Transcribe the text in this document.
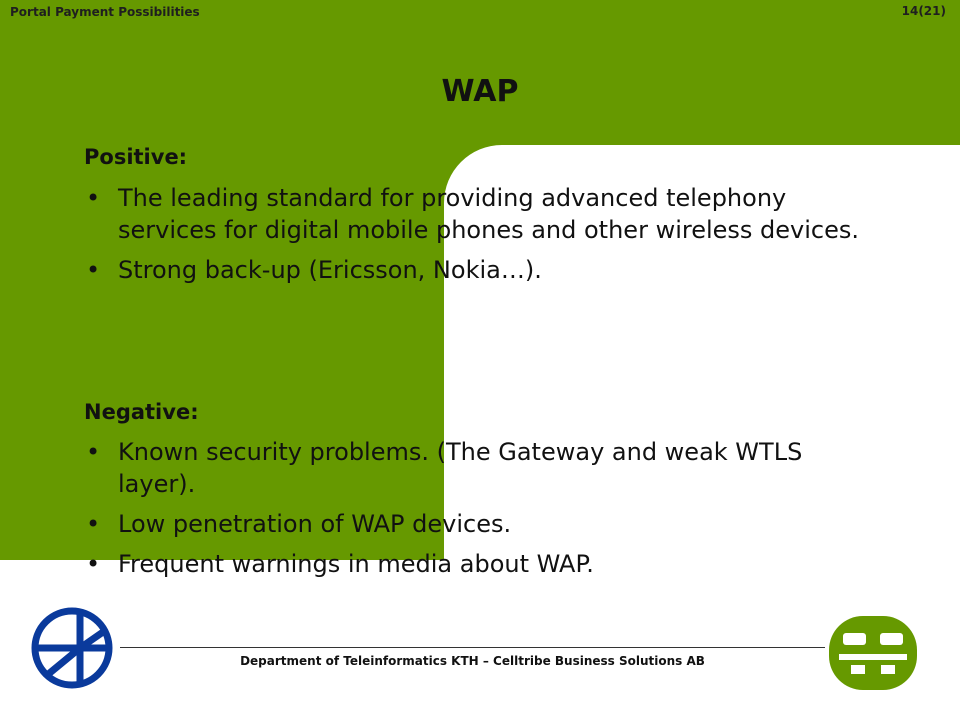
Portal Payment Possibilities	14(21)
WAP
Positive:
• The leading standard for providing advanced telephony services for digital mobile phones and other wireless devices.
• Strong back-up (Ericsson, Nokia…).
Negative:
• Known security problems. (The Gateway and weak WTLS layer).
• Low penetration of WAP devices.
• Frequent warnings in media about WAP.
Department of Teleinformatics KTH – Celltribe Business Solutions AB
